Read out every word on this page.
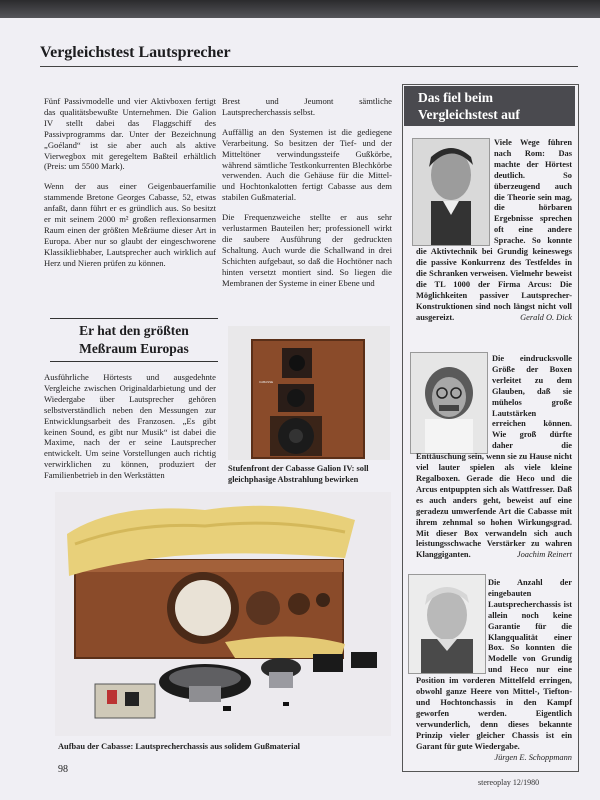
Vergleichstest Lautsprecher

Fünf Passivmodelle und vier Aktivboxen fertigt das qualitätsbewußte Unternehmen. Die Galion IV stellt dabei das Flaggschiff des Passivprogramms dar. Unter der Bezeichnung „Goéland“ ist sie aber auch als aktive Vierwegbox mit geregeltem Baßteil erhältlich (Preis: um 5500 Mark).

Wenn der aus einer Geigenbauerfamilie stammende Bretone Georges Cabasse, 52, etwas anfaßt, dann führt er es gründlich aus. So besitzt er mit seinem 2000 m² großen reflexionsarmen Raum einen der größten Meßräume dieser Art in Europa. Aber nur so glaubt der eingeschworene Klassikliebhaber, Lautsprecher auch wirklich auf Herz und Nieren prüfen zu können.

Er hat den größten Meßraum Europas

Ausführliche Hörtests und ausgedehnte Vergleiche zwischen Originaldarbietung und der Wiedergabe über Lautsprecher gehören selbstverständlich neben den Messungen zur Entwicklungsarbeit des Franzosen. „Es gibt keinen Sound, es gibt nur Musik“ ist dabei die Maxime, nach der er seine Lautsprecher entwickelt. Um seine Vorstellungen auch richtig verwirklichen zu können, produziert der Familienbetrieb in den Werkstätten

Brest und Jeumont sämtliche Lautsprecherchassis selbst.

Auffällig an den Systemen ist die gediegene Verarbeitung. So besitzen der Tief- und der Mitteltöner verwindungssteife Gußkörbe, während sämtliche Testkonkurrenten Blechkörbe verwenden. Auch die Gehäuse für die Mittel- und Hochtonkalotten fertigt Cabasse aus dem stabilen Gußmaterial.

Die Frequenzweiche stellte er aus sehr verlustarmen Bauteilen her; professionell wirkt die saubere Ausführung der gedruckten Schaltung. Auch wurde die Schallwand in drei Schichten aufgebaut, so daß die Hochtöner nach hinten versetzt montiert sind. So liegen die Membranen der Systeme in einer Ebene und

CABASSE
Stufenfront der Cabasse Galion IV: soll gleichphasige Abstrahlung bewirken
Aufbau der Cabasse: Lautsprecherchassis aus solidem Gußmaterial
Das fiel beim Vergleichstest auf
Viele Wege führen nach Rom: Das machte der Hörtest deutlich. So überzeugend auch die Theorie sein mag, die hörbaren Ergebnisse sprechen oft eine andere Sprache. So konnte die Aktivtechnik bei Grundig keineswegs die passive Konkurrenz des Testfeldes in die Schranken verweisen. Vielmehr beweist die TL 1000 der Firma Arcus: Die Möglichkeiten passiver Lautsprecher-Konstruktionen sind noch längst nicht voll ausgereizt.	Gerald O. Dick
Die eindrucksvolle Größe der Boxen verleitet zu dem Glauben, daß sie mühelos große Lautstärken erreichen können. Wie groß dürfte daher die Enttäuschung sein, wenn sie zu Hause nicht viel lauter spielen als viele kleine Regalboxen. Gerade die Heco und die Arcus entpuppten sich als Wattfresser. Daß es auch anders geht, beweist auf eine geradezu umwerfende Art die Cabasse mit ihrem zehnmal so hohen Wirkungsgrad. Mit dieser Box verwandeln sich auch leistungsschwache Verstärker zu wahren Klanggiganten.	Joachim Reinert
Die Anzahl der eingebauten Lautsprecherchassis ist allein noch keine Garantie für die Klangqualität einer Box. So konnten die Modelle von Grundig und Heco nur eine Position im vorderen Mittelfeld erringen, obwohl ganze Heere von Mittel-, Tiefton- und Hochtonchassis in den Kampf geworfen werden. Eigentlich verwunderlich, denn dieses bekannte Prinzip vieler gleicher Chassis ist ein Garant für gute Wiedergabe.
Jürgen E. Schoppmann
98
stereoplay 12/1980
